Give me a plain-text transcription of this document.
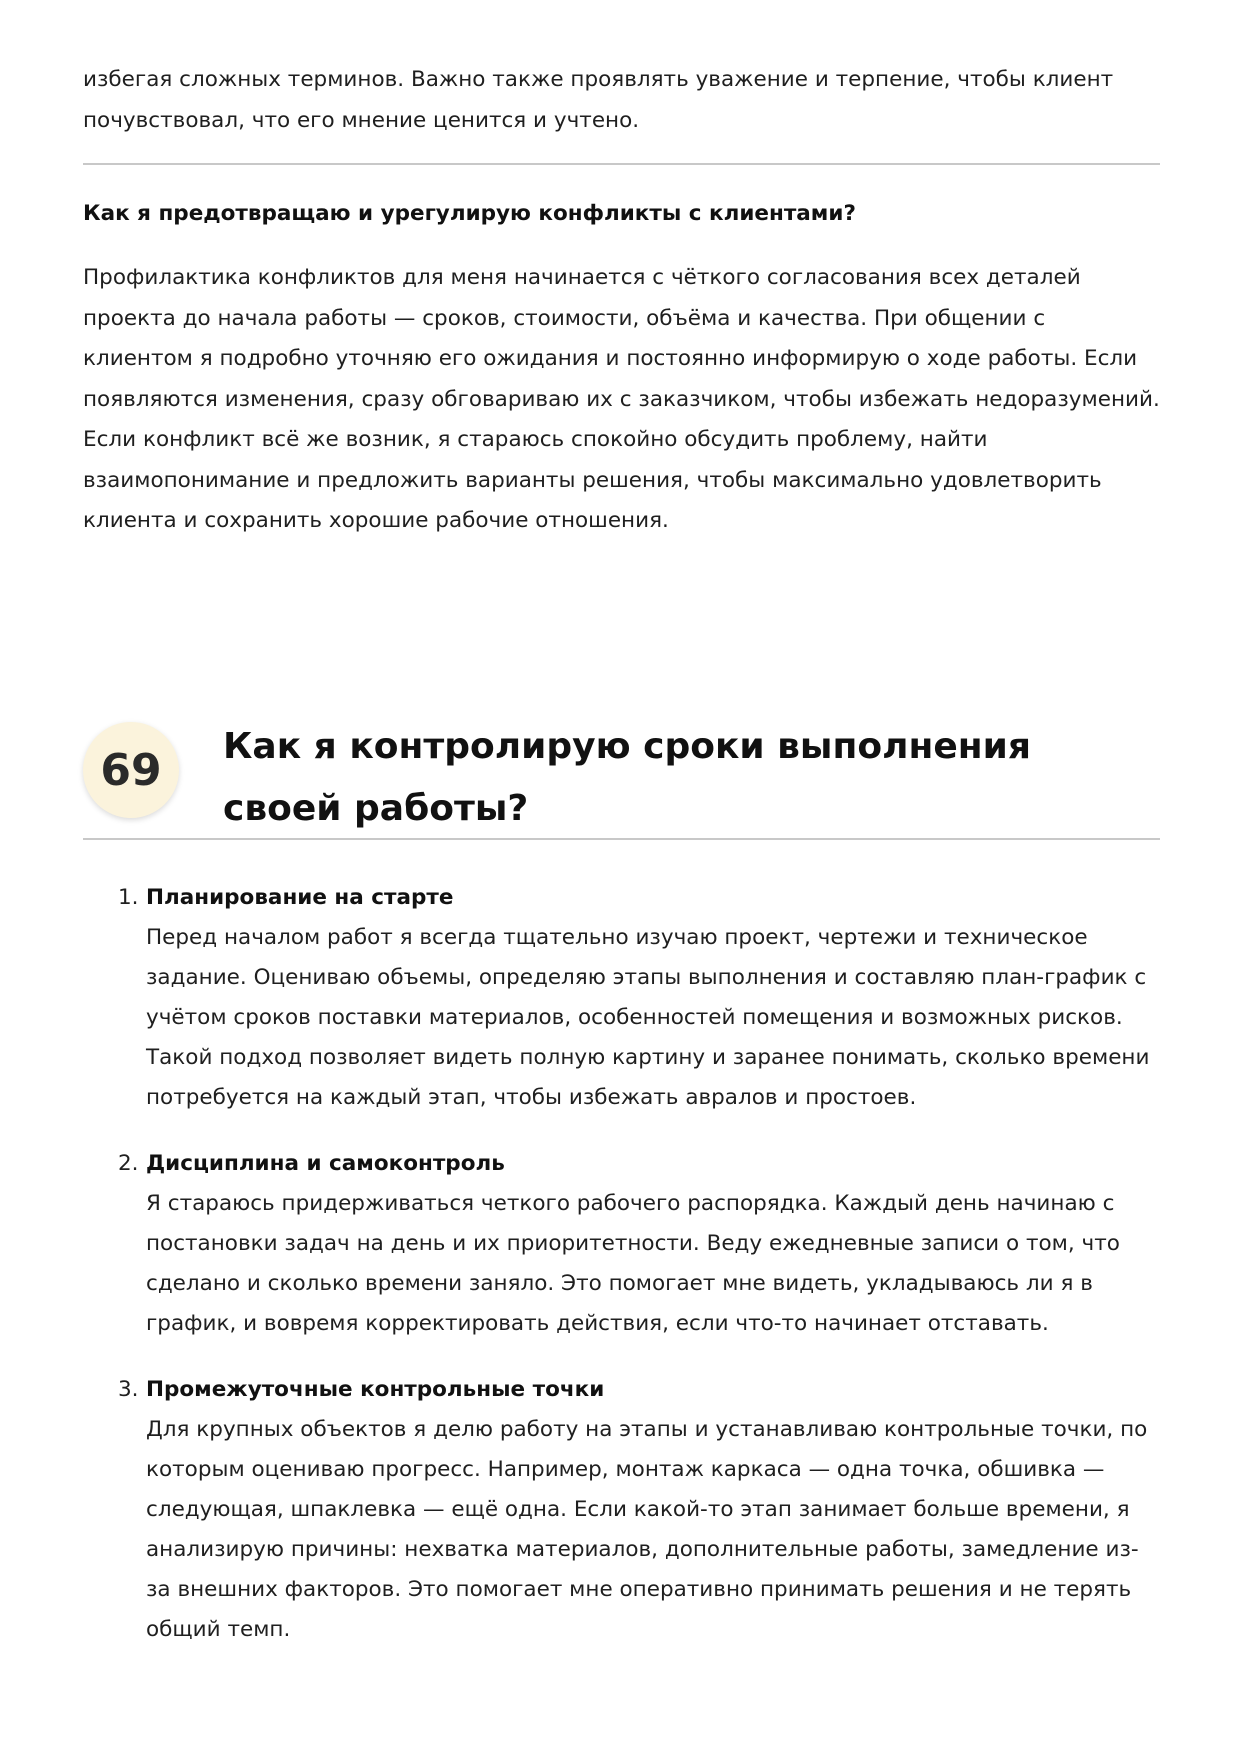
избегая сложных терминов. Важно также проявлять уважение и терпение, чтобы клиент почувствовал, что его мнение ценится и учтено.

Как я предотвращаю и урегулирую конфликты с клиентами?

Профилактика конфликтов для меня начинается с чёткого согласования всех деталей проекта до начала работы — сроков, стоимости, объёма и качества. При общении с клиентом я подробно уточняю его ожидания и постоянно информирую о ходе работы. Если появляются изменения, сразу обговариваю их с заказчиком, чтобы избежать недоразумений. Если конфликт всё же возник, я стараюсь спокойно обсудить проблему, найти взаимопонимание и предложить варианты решения, чтобы максимально удовлетворить клиента и сохранить хорошие рабочие отношения.

69	Как я контролирую сроки выполнения своей работы?
1. Планирование на старте

Перед началом работ я всегда тщательно изучаю проект, чертежи и техническое задание. Оцениваю объемы, определяю этапы выполнения и составляю план-график с учётом сроков поставки материалов, особенностей помещения и возможных рисков. Такой подход позволяет видеть полную картину и заранее понимать, сколько времени потребуется на каждый этап, чтобы избежать авралов и простоев.

2. Дисциплина и самоконтроль

Я стараюсь придерживаться четкого рабочего распорядка. Каждый день начинаю с постановки задач на день и их приоритетности. Веду ежедневные записи о том, что сделано и сколько времени заняло. Это помогает мне видеть, укладываюсь ли я в график, и вовремя корректировать действия, если что-то начинает отставать.

3. Промежуточные контрольные точки

Для крупных объектов я делю работу на этапы и устанавливаю контрольные точки, по которым оцениваю прогресс. Например, монтаж каркаса — одна точка, обшивка — следующая, шпаклевка — ещё одна. Если какой-то этап занимает больше времени, я анализирую причины: нехватка материалов, дополнительные работы, замедление из-за внешних факторов. Это помогает мне оперативно принимать решения и не терять общий темп.
